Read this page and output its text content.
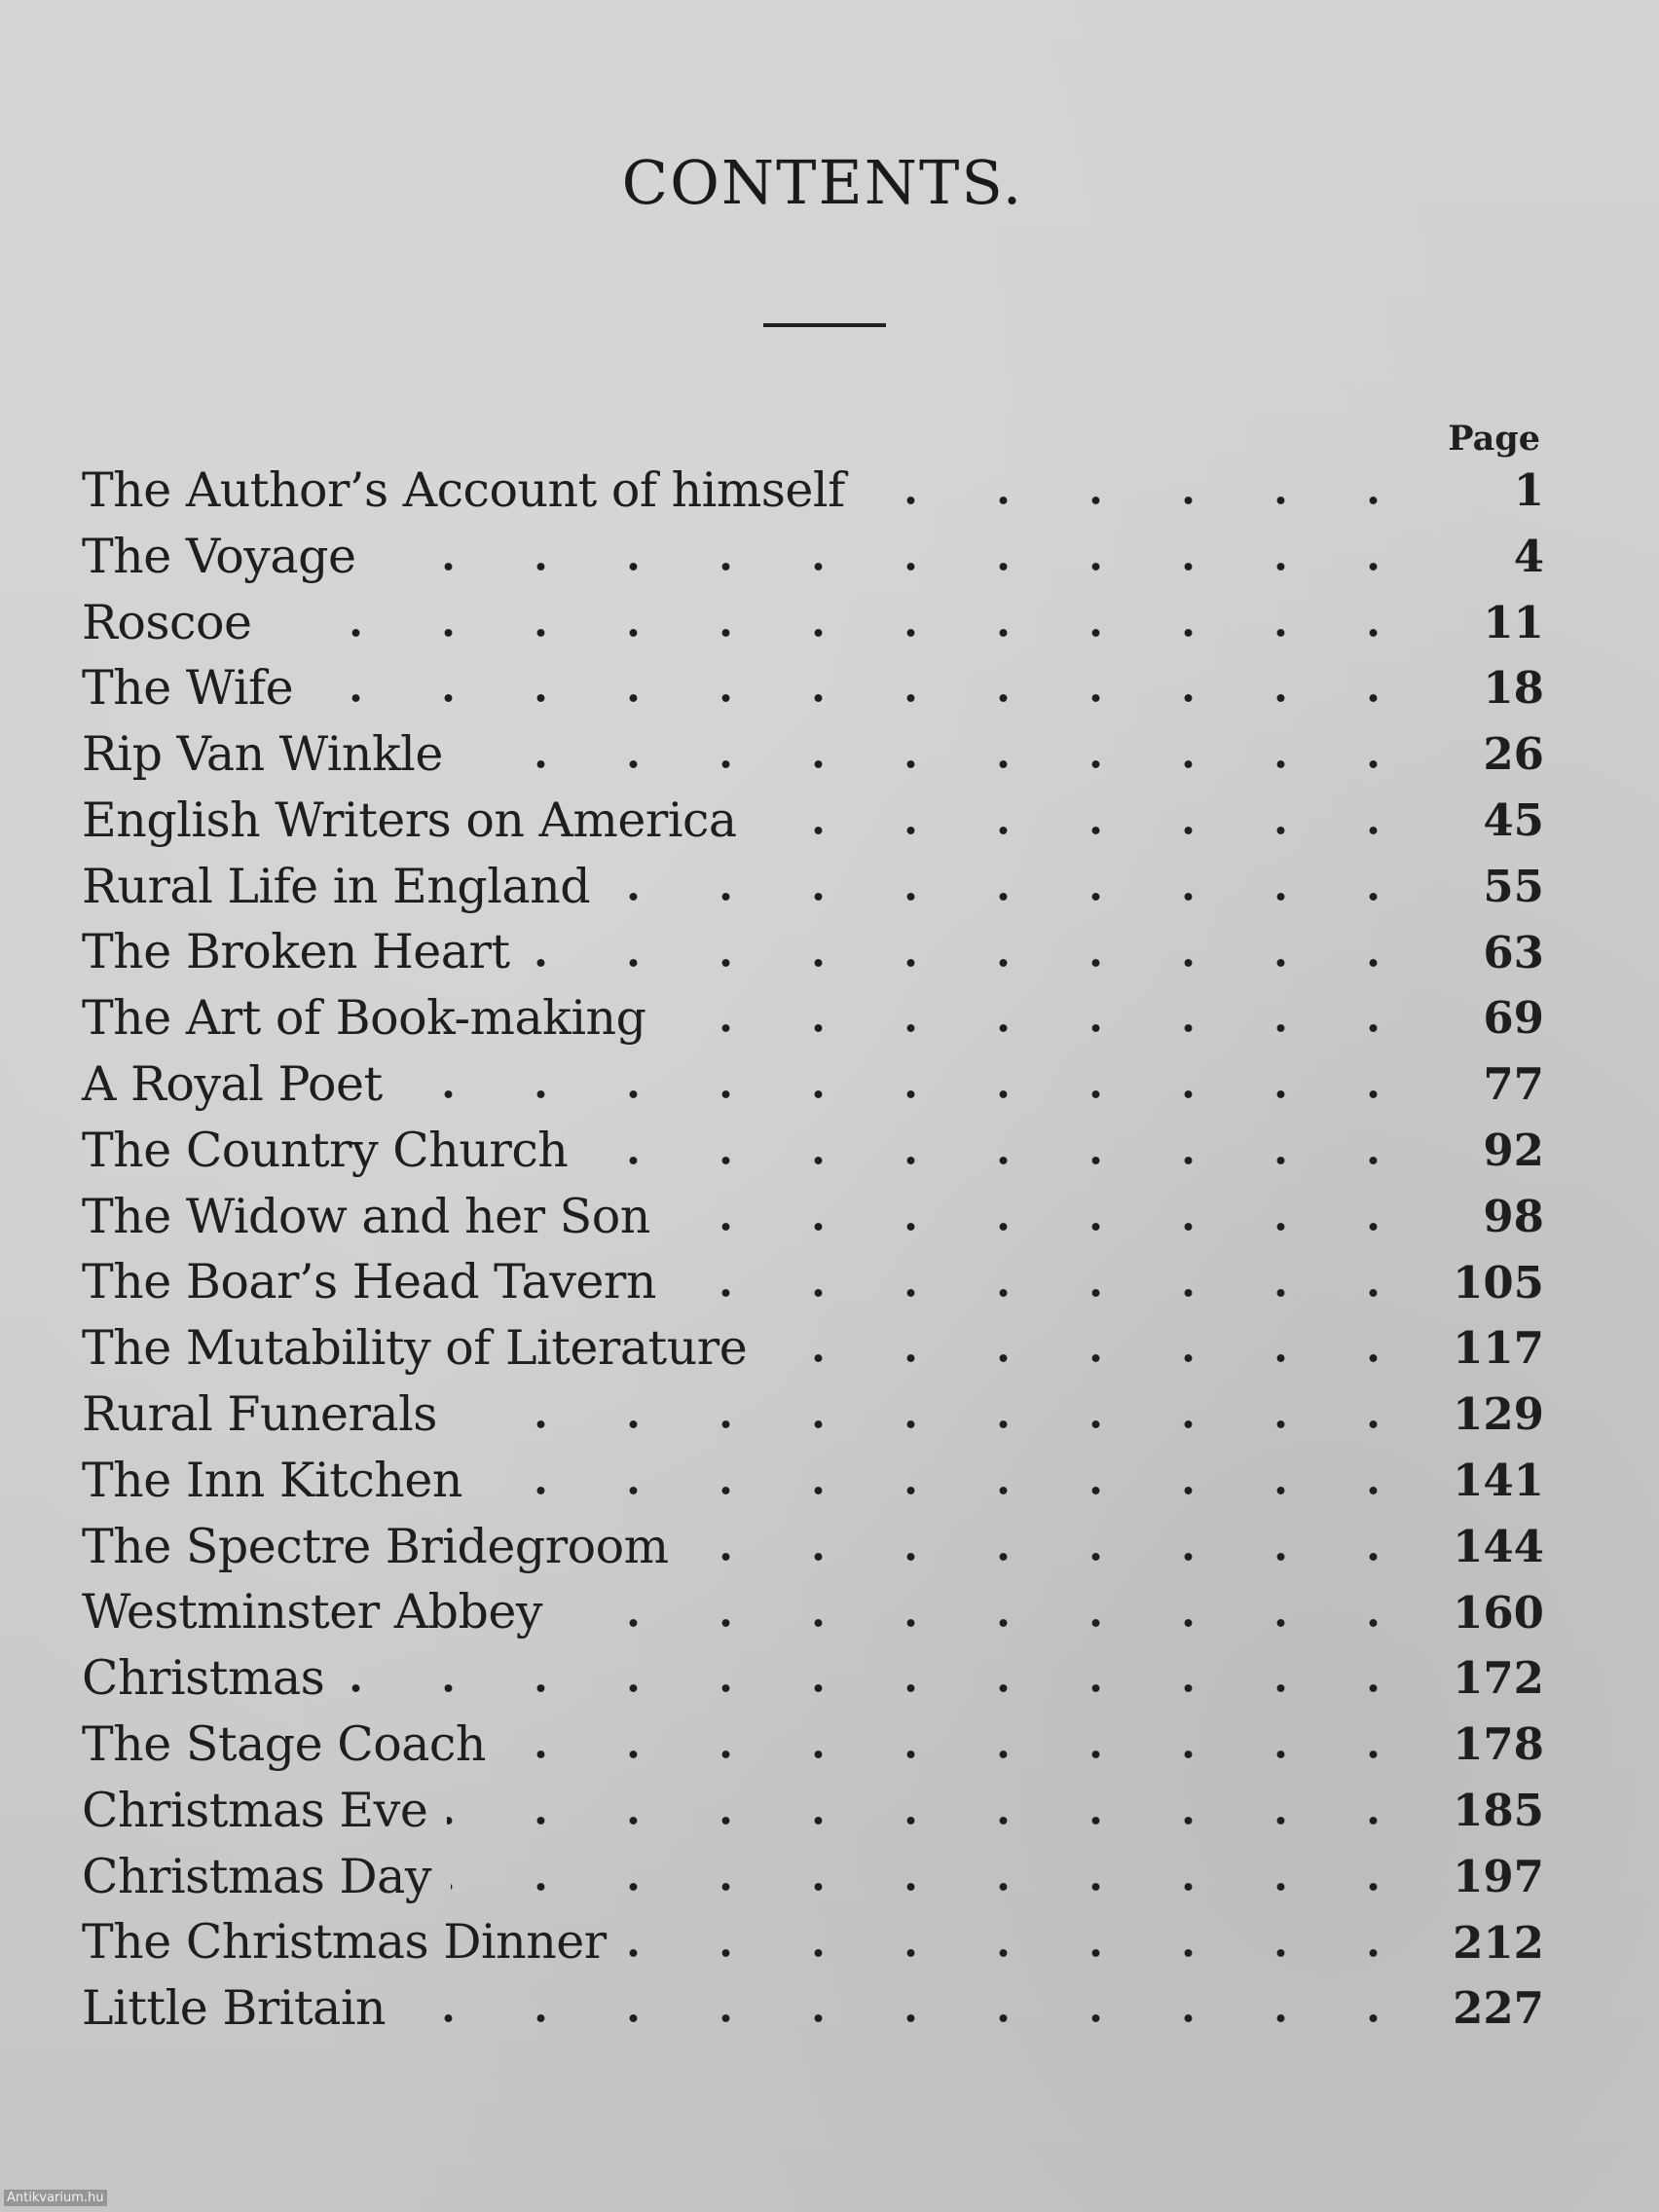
CONTENTS.
Page
The Author’s Account of himself	1
The Voyage	4
Roscoe	11
The Wife	18
Rip Van Winkle	26
English Writers on America	45
Rural Life in England	55
The Broken Heart	63
The Art of Book-making	69
A Royal Poet	77
The Country Church	92
The Widow and her Son	98
The Boar’s Head Tavern	105
The Mutability of Literature	117
Rural Funerals	129
The Inn Kitchen	141
The Spectre Bridegroom	144
Westminster Abbey	160
Christmas	172
The Stage Coach	178
Christmas Eve	185
Christmas Day	197
The Christmas Dinner	212
Little Britain	227
Antikvarium.hu
